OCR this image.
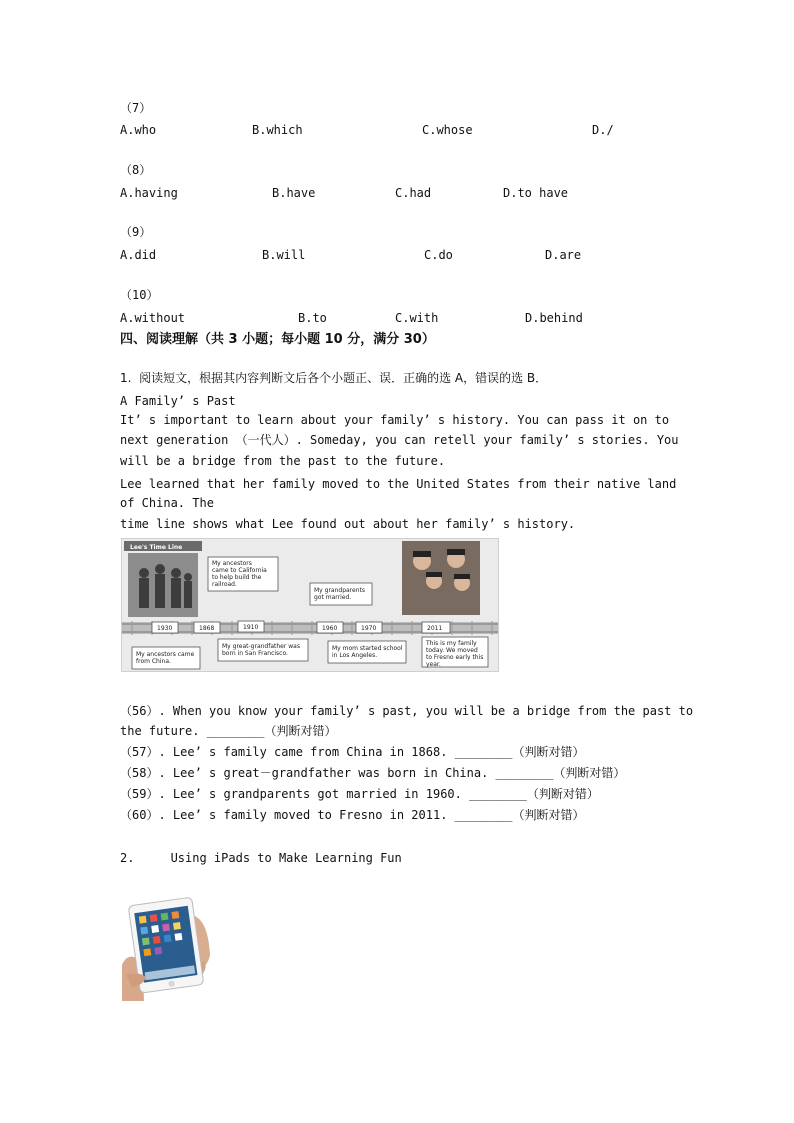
（7）
A.who	B.which	C.whose	D./
（8）
A.having	B.have	C.had	D.to have
（9）
A.did	B.will	C.do	D.are
（10）
A.without	B.to	C.with	D.behind
四、阅读理解（共 3 小题；每小题 10 分，满分 30）
1.  阅读短文，根据其内容判断文后各个小题正、误．正确的选 A，错误的选 B．
A Family’ s Past
It’ s important to learn about your family’ s history. You can pass it on to
next generation （一代人）. Someday, you can retell your family’ s stories. You
will be a bridge from the past to the future.
Lee learned that her family moved to the United States from their native land
of China. The
time line shows what Lee found out about her family’ s history.
Lee's Time Line
1930	1868	1910	1960	1970	2011
My ancestors came to California to help build the railroad.
My grandparents got married.
My ancestors came from China.
My great-grandfather was born in San Francisco.
My mom started school in Los Angeles.
This is my family today. We moved to Fresno early this year.
（56）. When you know your family’ s past, you will be a bridge from the past to
the future. ________（判断对错）
（57）. Lee’ s family came from China in 1868. ________（判断对错）
（58）. Lee’ s great－grandfather was born in China. ________（判断对错）
（59）. Lee’ s grandparents got married in 1960. ________（判断对错）
（60）. Lee’ s family moved to Fresno in 2011. ________（判断对错）
2.     Using iPads to Make Learning Fun
